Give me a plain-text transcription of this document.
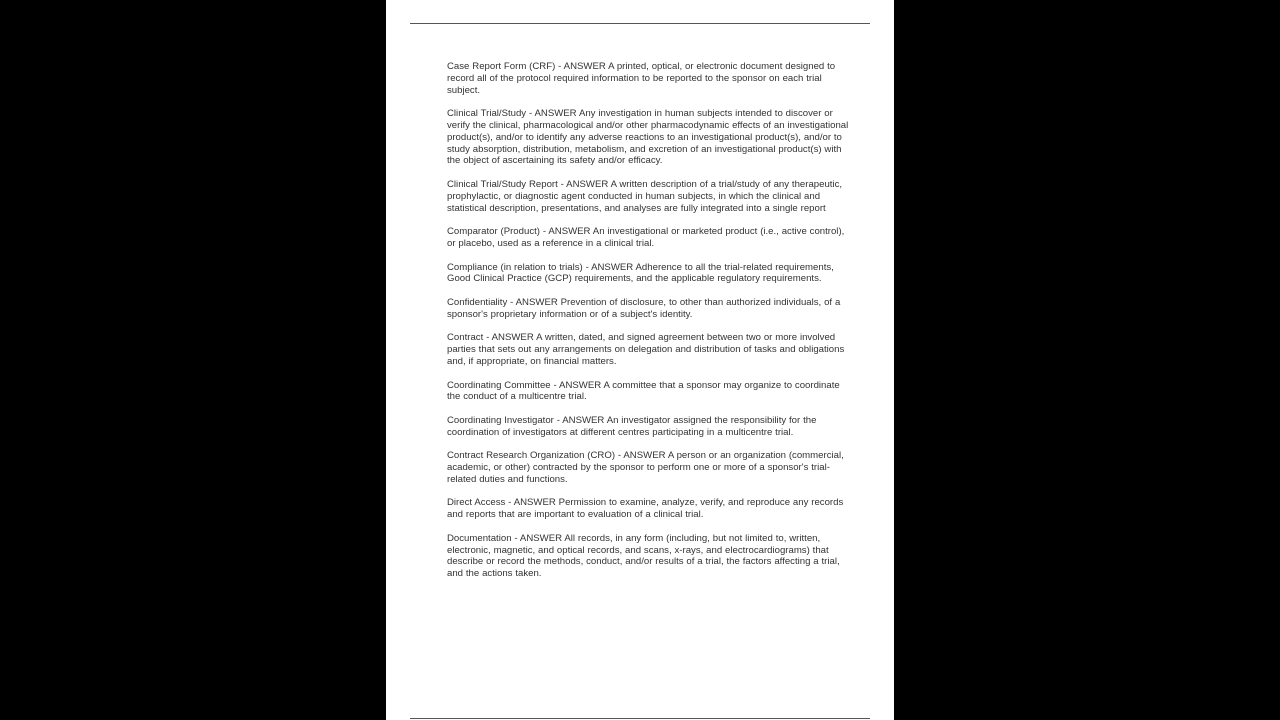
Case Report Form (CRF) - ANSWER A printed, optical, or electronic document designed to record all of the protocol required information to be reported to the sponsor on each trial subject.

Clinical Trial/Study - ANSWER Any investigation in human subjects intended to discover or verify the clinical, pharmacological and/or other pharmacodynamic effects of an investigational product(s), and/or to identify any adverse reactions to an investigational product(s), and/or to study absorption, distribution, metabolism, and excretion of an investigational product(s) with the object of ascertaining its safety and/or efficacy.

Clinical Trial/Study Report - ANSWER A written description of a trial/study of any therapeutic, prophylactic, or diagnostic agent conducted in human subjects, in which the clinical and statistical description, presentations, and analyses are fully integrated into a single report

Comparator (Product) - ANSWER An investigational or marketed product (i.e., active control), or placebo, used as a reference in a clinical trial.

Compliance (in relation to trials) - ANSWER Adherence to all the trial-related requirements, Good Clinical Practice (GCP) requirements, and the applicable regulatory requirements.

Confidentiality - ANSWER Prevention of disclosure, to other than authorized individuals, of a sponsor's proprietary information or of a subject's identity.

Contract - ANSWER A written, dated, and signed agreement between two or more involved parties that sets out any arrangements on delegation and distribution of tasks and obligations and, if appropriate, on financial matters.

Coordinating Committee - ANSWER A committee that a sponsor may organize to coordinate the conduct of a multicentre trial.

Coordinating Investigator - ANSWER An investigator assigned the responsibility for the coordination of investigators at different centres participating in a multicentre trial.

Contract Research Organization (CRO) - ANSWER A person or an organization (commercial, academic, or other) contracted by the sponsor to perform one or more of a sponsor's trial-related duties and functions.

Direct Access - ANSWER Permission to examine, analyze, verify, and reproduce any records and reports that are important to evaluation of a clinical trial.

Documentation - ANSWER All records, in any form (including, but not limited to, written, electronic, magnetic, and optical records, and scans, x-rays, and electrocardiograms) that describe or record the methods, conduct, and/or results of a trial, the factors affecting a trial, and the actions taken.
